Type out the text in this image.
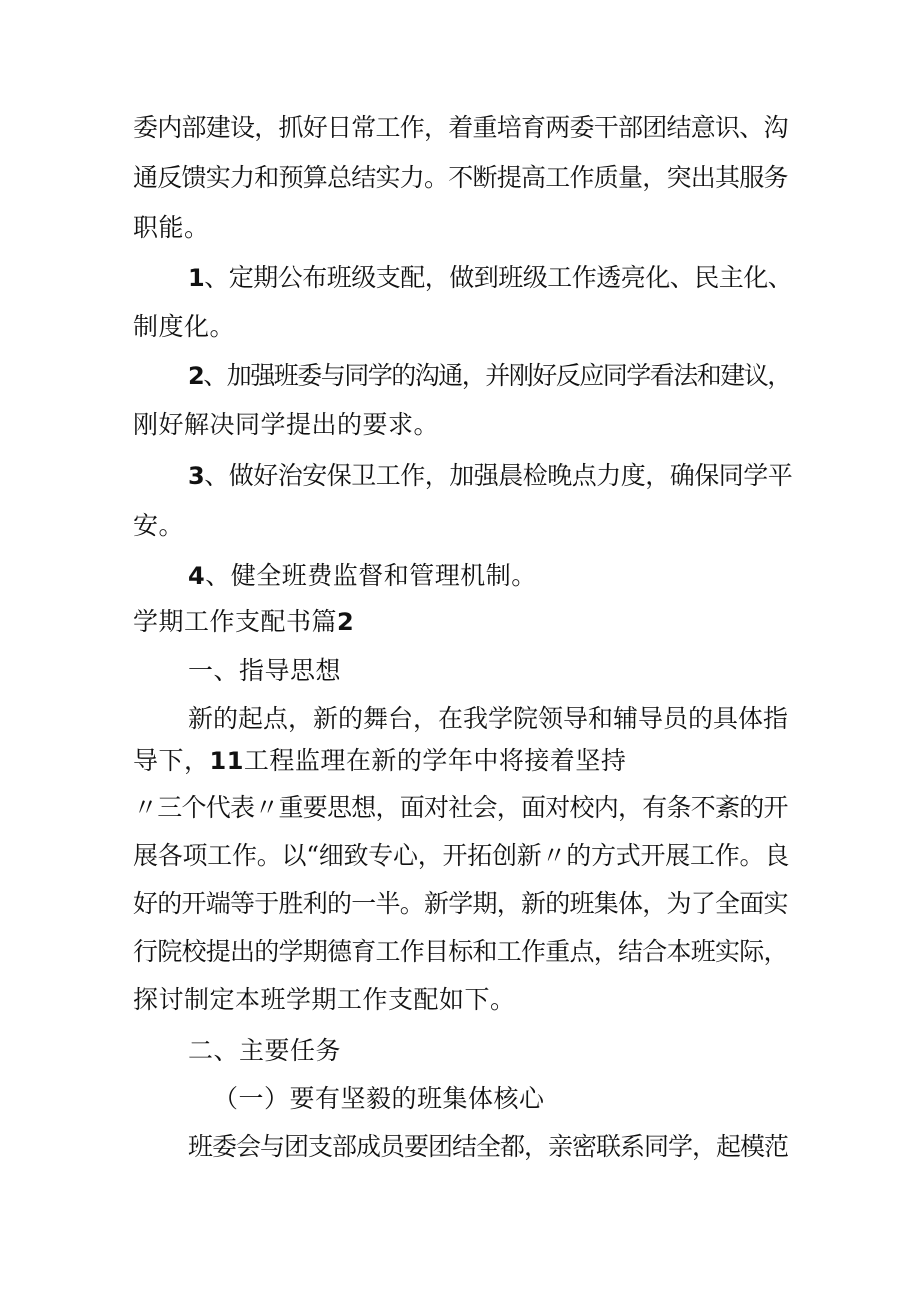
委内部建设，抓好日常工作，着重培育两委干部团结意识、沟
通反馈实力和预算总结实力。不断提高工作质量，突出其服务
职能。
1、定期公布班级支配，做到班级工作透亮化、民主化、
制度化。
2、加强班委与同学的沟通，并刚好反应同学看法和建议，
刚好解决同学提出的要求。
3、做好治安保卫工作，加强晨检晚点力度，确保同学平
安。
4、健全班费监督和管理机制。
学期工作支配书篇2
一、指导思想
新的起点，新的舞台，在我学院领导和辅导员的具体指
导下，11工程监理在新的学年中将接着坚持
〃三个代表〃重要思想，面对社会，面对校内，有条不紊的开
展各项工作。以“细致专心，开拓创新〃的方式开展工作。良
好的开端等于胜利的一半。新学期，新的班集体，为了全面实
行院校提出的学期德育工作目标和工作重点，结合本班实际，
探讨制定本班学期工作支配如下。
二、主要任务
（一）要有坚毅的班集体核心
班委会与团支部成员要团结全都，亲密联系同学，起模范
